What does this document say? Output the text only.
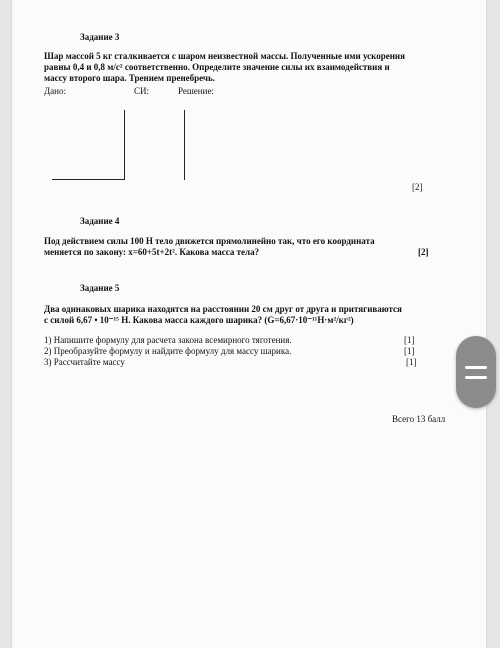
Задание 3
Шар массой 5 кг сталкивается с шаром неизвестной массы. Полученные ими ускорения
равны 0,4 и 0,8 м/с² соответственно. Определите значение силы их взаимодействия и
массу второго шара. Трением пренебречь.
Дано:	СИ:	Решение:
[2]
Задание 4
Под действием силы 100 Н тело движется прямолинейно так, что его координата
меняется по закону: x=60+5t+2t². Какова масса тела?	[2]
Задание 5
Два одинаковых шарика находятся на расстоянии 20 см друг от друга и притягиваются
с силой 6,67 • 10⁻¹⁵ Н. Какова масса каждого шарика? (G=6,67·10⁻¹¹Н·м²/кг²)
1) Напишите формулу для расчета закона всемирного тяготения.	[1]
2) Преобразуйте формулу и найдите формулу для массу шарика.	[1]
3) Рассчитайте массу	[1]
Всего 13 балл
